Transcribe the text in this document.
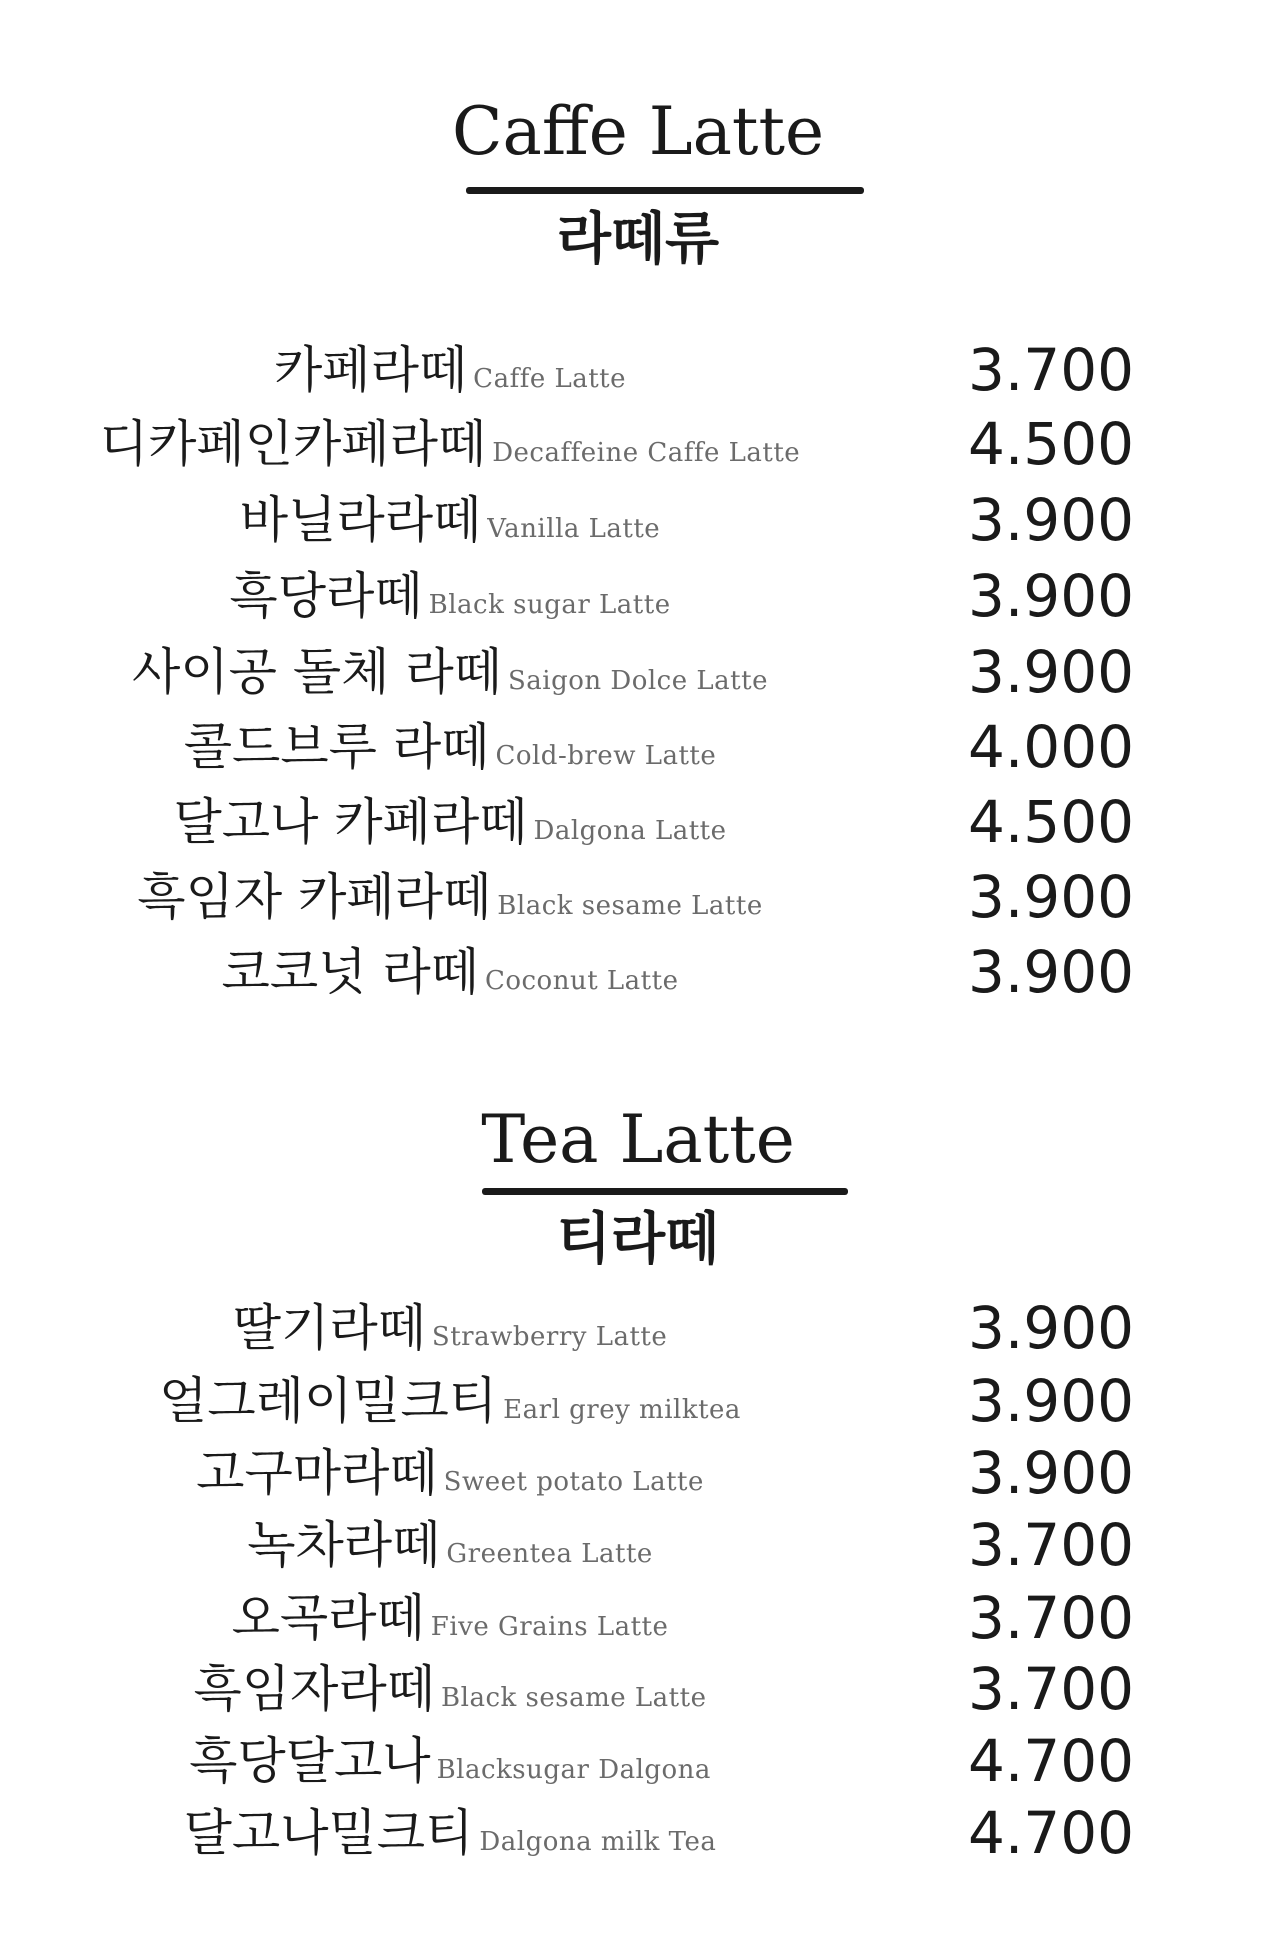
Caffe Latte
라떼류
카페라떼 Caffe Latte	3.700
디카페인카페라떼 Decaffeine Caffe Latte	4.500
바닐라라떼 Vanilla Latte	3.900
흑당라떼 Black sugar Latte	3.900
사이공 돌체 라떼 Saigon Dolce Latte	3.900
콜드브루 라떼 Cold-brew Latte	4.000
달고나 카페라떼 Dalgona Latte	4.500
흑임자 카페라떼 Black sesame Latte	3.900
코코넛 라떼 Coconut Latte	3.900
Tea Latte
티라떼
딸기라떼 Strawberry Latte	3.900
얼그레이밀크티 Earl grey milktea	3.900
고구마라떼 Sweet potato Latte	3.900
녹차라떼 Greentea Latte	3.700
오곡라떼 Five Grains Latte	3.700
흑임자라떼 Black sesame Latte	3.700
흑당달고나 Blacksugar Dalgona	4.700
달고나밀크티 Dalgona milk Tea	4.700
